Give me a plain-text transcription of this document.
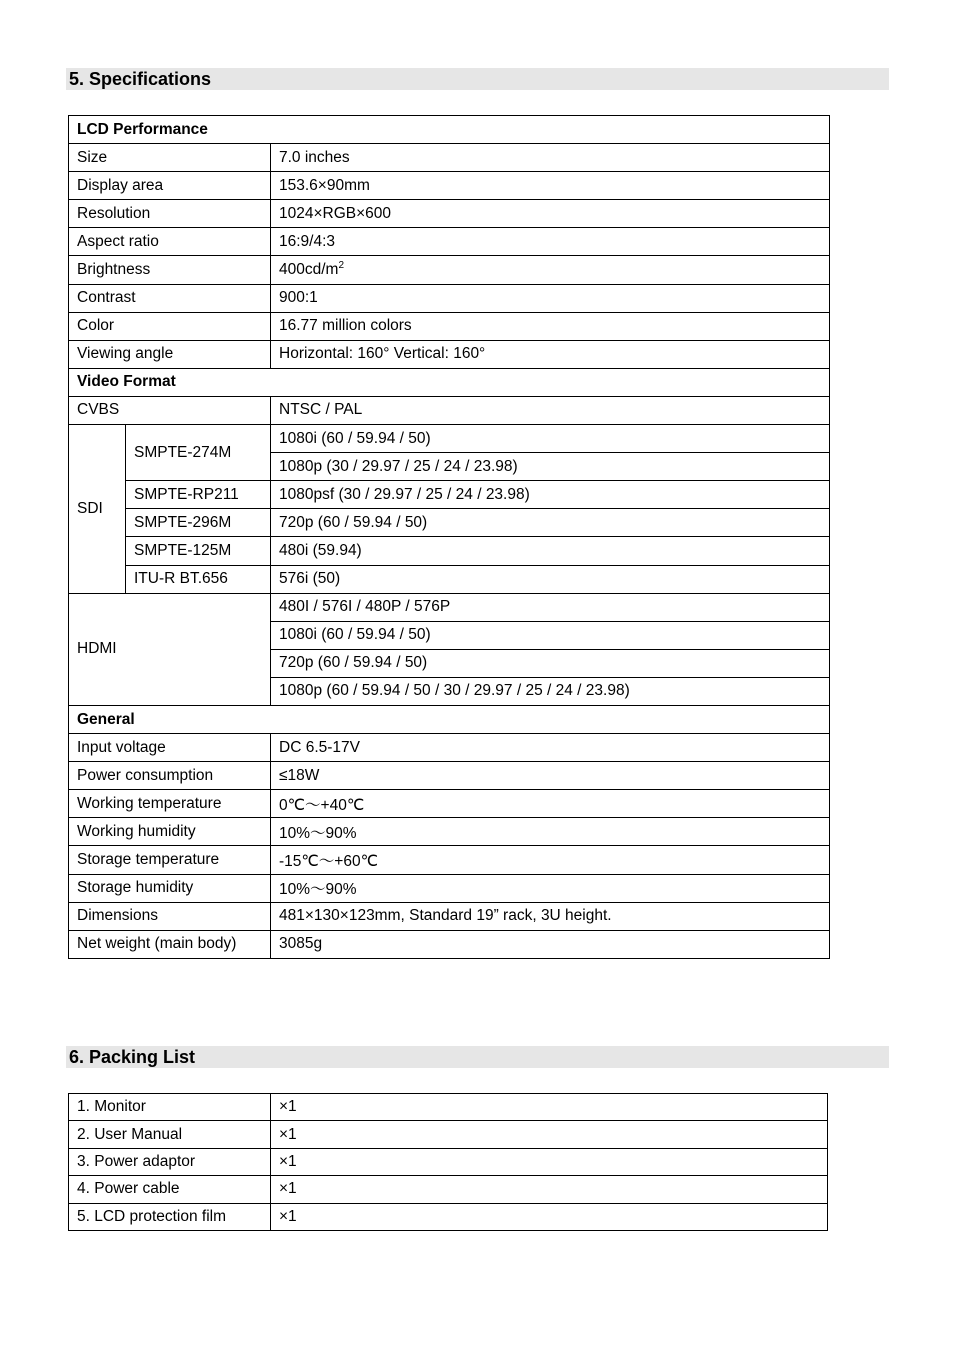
5. Specifications
LCD Performance		
Size		7.0 inches
Display area		153.6×90mm
Resolution		1024×RGB×600
Aspect ratio		16:9/4:3
Brightness		$400cd/m^2$
Contrast		900:1
Color		16.77 million colors
Viewing angle		Horizontal: 160° Vertical: 160°
Video Format		
CVBS		NTSC / PAL
SDI	SMPTE-274M	1080i (60 / 59.94 / 50)
		1080p (30 / 29.97 / 25 / 24 / 23.98)
	SMPTE-RP211	1080psf (30 / 29.97 / 25 / 24 / 23.98)
	SMPTE-296M	720p (60 / 59.94 / 50)
	SMPTE-125M	480i (59.94)
	ITU-R BT.656	576i (50)
HDMI		480I / 576I / 480P / 576P
		1080i (60 / 59.94 / 50)
		720p (60 / 59.94 / 50)
		1080p (60 / 59.94 / 50 / 30 / 29.97 / 25 / 24 / 23.98)
General		
Input voltage		DC 6.5-17V
Power consumption		≤18W
Working temperature		0℃～+40℃
Working humidity		10%～90%
Storage temperature		-15℃～+60℃
Storage humidity		10%～90%
Dimensions		481×130×123mm, Standard 19” rack, 3U height.
Net weight (main body)		3085g
6. Packing List
1. Monitor	×1
2. User Manual	×1
3. Power adaptor	×1
4. Power cable	×1
5. LCD protection film	×1
